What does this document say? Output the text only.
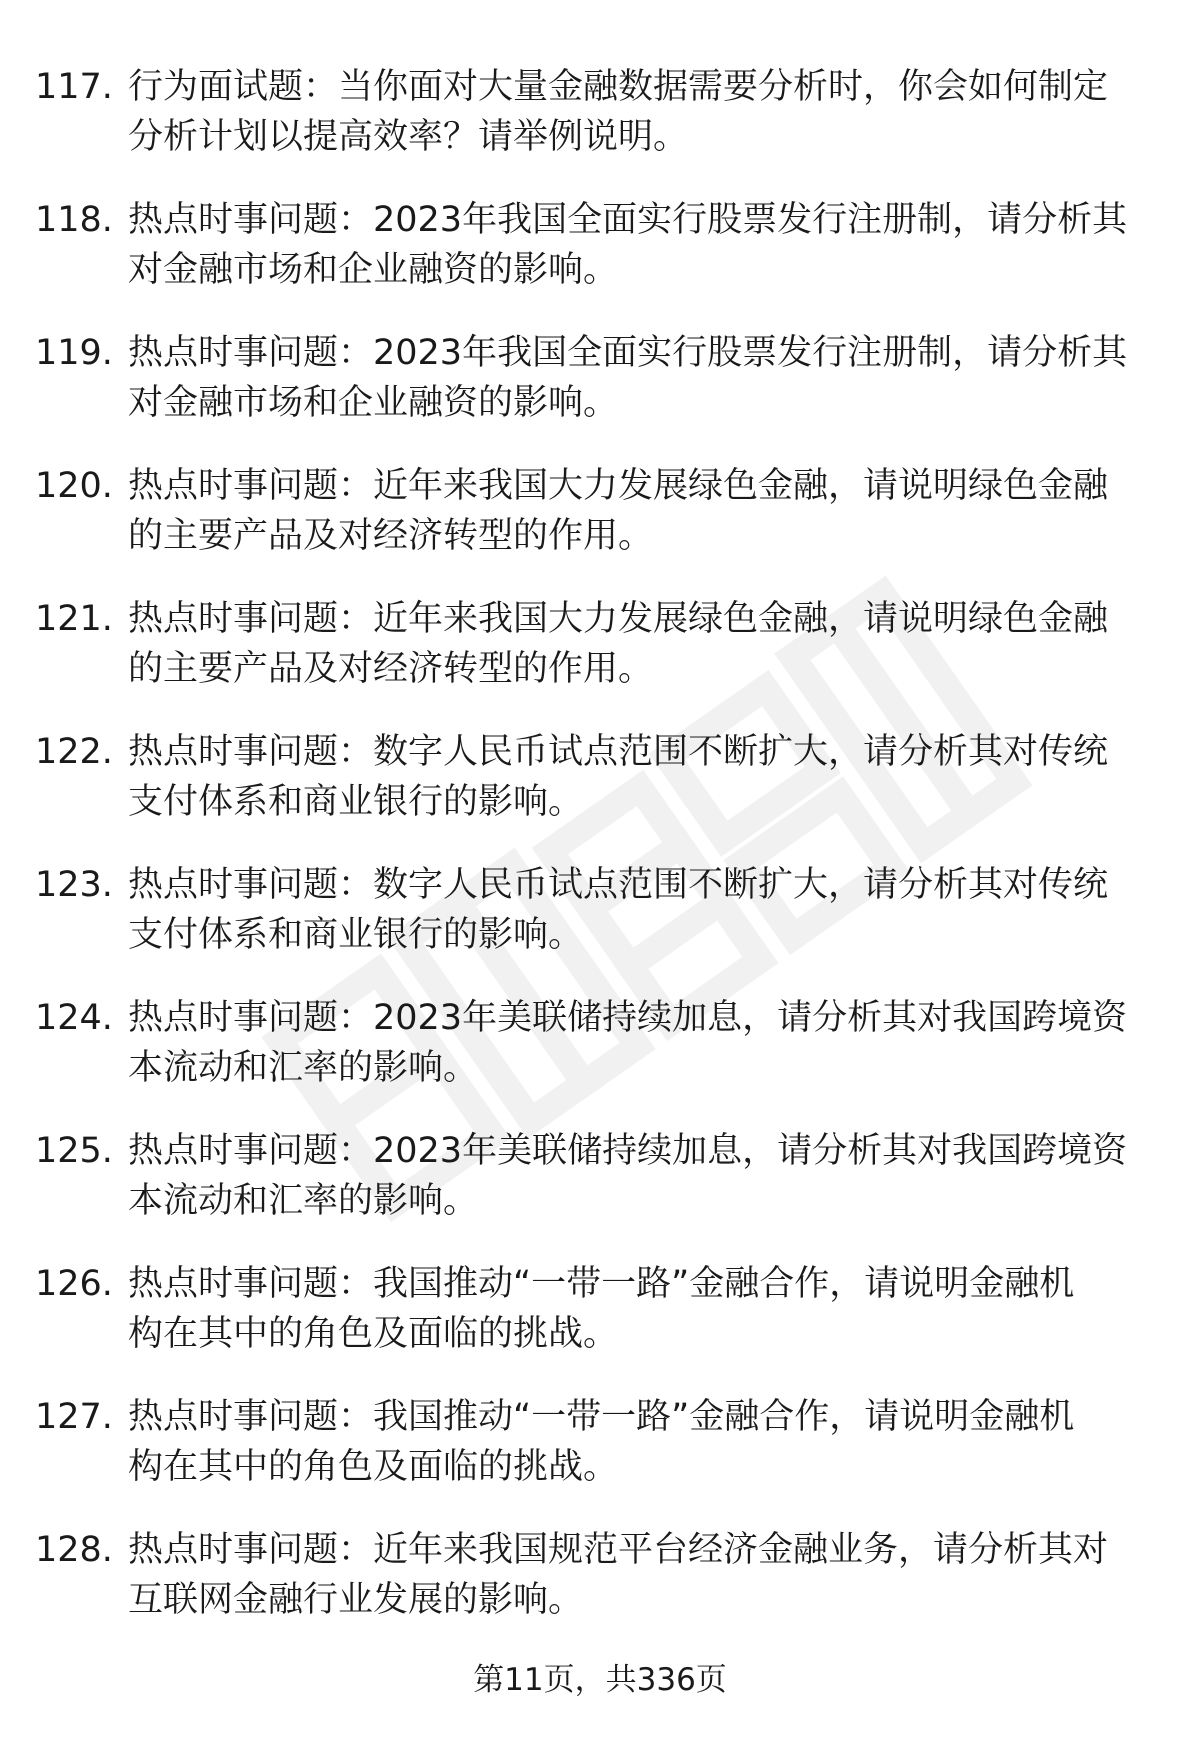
117. 行为面试题：当你面对大量金融数据需要分析时，你会如何制定
分析计划以提高效率？请举例说明。
118. 热点时事问题：2023年我国全面实行股票发行注册制，请分析其
对金融市场和企业融资的影响。
119. 热点时事问题：2023年我国全面实行股票发行注册制，请分析其
对金融市场和企业融资的影响。
120. 热点时事问题：近年来我国大力发展绿色金融，请说明绿色金融
的主要产品及对经济转型的作用。
121. 热点时事问题：近年来我国大力发展绿色金融，请说明绿色金融
的主要产品及对经济转型的作用。
122. 热点时事问题：数字人民币试点范围不断扩大，请分析其对传统
支付体系和商业银行的影响。
123. 热点时事问题：数字人民币试点范围不断扩大，请分析其对传统
支付体系和商业银行的影响。
124. 热点时事问题：2023年美联储持续加息，请分析其对我国跨境资
本流动和汇率的影响。
125. 热点时事问题：2023年美联储持续加息，请分析其对我国跨境资
本流动和汇率的影响。
126. 热点时事问题：我国推动“一带一路”金融合作，请说明金融机
构在其中的角色及面临的挑战。
127. 热点时事问题：我国推动“一带一路”金融合作，请说明金融机
构在其中的角色及面临的挑战。
128. 热点时事问题：近年来我国规范平台经济金融业务，请分析其对
互联网金融行业发展的影响。
第11页，共336页
